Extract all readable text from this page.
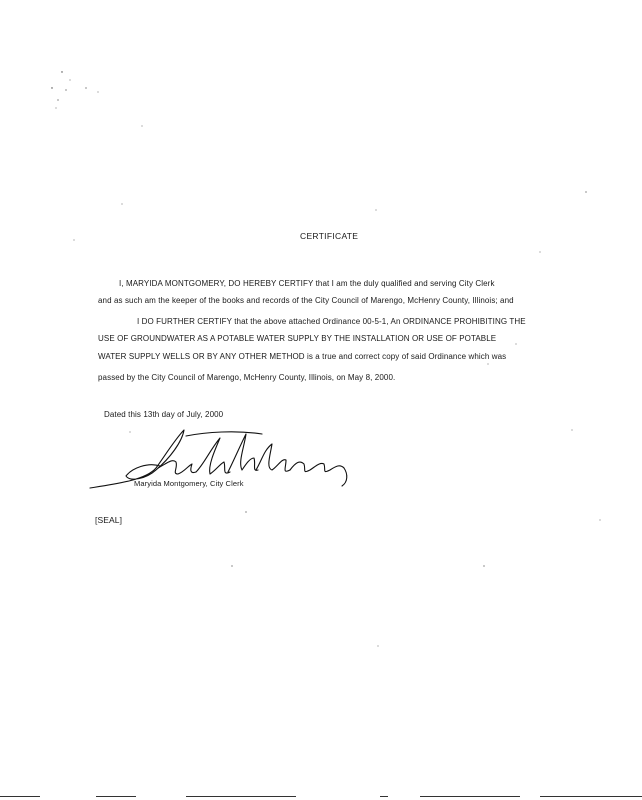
CERTIFICATE
I, MARYIDA MONTGOMERY, DO HEREBY CERTIFY that I am the duly qualified and serving City Clerk
and as such am the keeper of the books and records of the City Council of Marengo, McHenry County, Illinois; and
I DO FURTHER CERTIFY that the above attached Ordinance 00-5-1, An ORDINANCE PROHIBITING THE
USE OF GROUNDWATER AS A POTABLE WATER SUPPLY BY THE INSTALLATION OR USE OF POTABLE
WATER SUPPLY WELLS OR BY ANY OTHER METHOD is a true and correct copy of said Ordinance which was
passed by the City Council of Marengo, McHenry County, Illinois, on May 8, 2000.
Dated this 13th day of July, 2000
Maryida Montgomery, City Clerk
[SEAL]
